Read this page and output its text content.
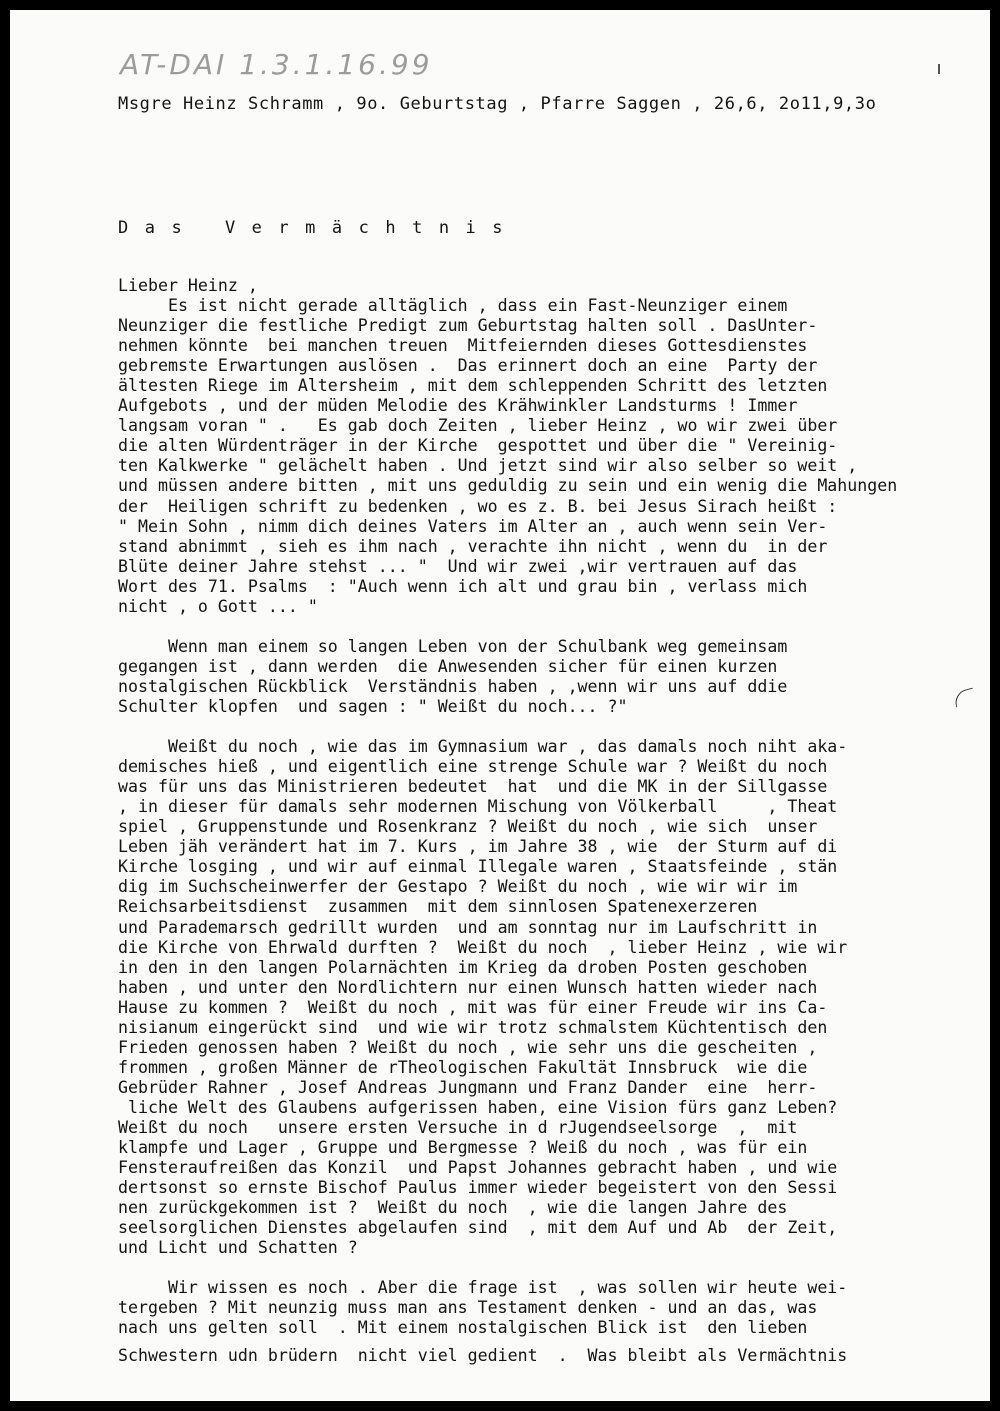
AT-DAI 1.3.1.16.99
Msgre Heinz Schramm , 9o. Geburtstag , Pfarre Saggen , 26,6, 2o11,9,3o
Das Vermächtnis
Lieber Heinz ,
Es ist nicht gerade alltäglich , dass ein Fast-Neunziger einem
Neunziger die festliche Predigt zum Geburtstag halten soll . DasUnter-
nehmen könnte  bei manchen treuen  Mitfeiernden dieses Gottesdienstes
gebremste Erwartungen auslösen .  Das erinnert doch an eine  Party der
ältesten Riege im Altersheim , mit dem schleppenden Schritt des letzten
Aufgebots , und der müden Melodie des Krähwinkler Landsturms ! Immer
langsam voran " .   Es gab doch Zeiten , lieber Heinz , wo wir zwei über
die alten Würdenträger in der Kirche  gespottet und über die " Vereinig-
ten Kalkwerke " gelächelt haben . Und jetzt sind wir also selber so weit ,
und müssen andere bitten , mit uns geduldig zu sein und ein wenig die Mahungen
der  Heiligen schrift zu bedenken , wo es z. B. bei Jesus Sirach heißt :
" Mein Sohn , nimm dich deines Vaters im Alter an , auch wenn sein Ver-
stand abnimmt , sieh es ihm nach , verachte ihn nicht , wenn du  in der
Blüte deiner Jahre stehst ... "  Und wir zwei ,wir vertrauen auf das
Wort des 71. Psalms  : "Auch wenn ich alt und grau bin , verlass mich
nicht , o Gott ... "
Wenn man einem so langen Leben von der Schulbank weg gemeinsam
gegangen ist , dann werden  die Anwesenden sicher für einen kurzen
nostalgischen Rückblick  Verständnis haben , ,wenn wir uns auf ddie
Schulter klopfen  und sagen : " Weißt du noch... ?"
Weißt du noch , wie das im Gymnasium war , das damals noch niht aka-
demisches hieß , und eigentlich eine strenge Schule war ? Weißt du noch
was für uns das Ministrieren bedeutet  hat  und die MK in der Sillgasse
, in dieser für damals sehr modernen Mischung von Völkerball     , Theat
spiel , Gruppenstunde und Rosenkranz ? Weißt du noch , wie sich  unser
Leben jäh verändert hat im 7. Kurs , im Jahre 38 , wie  der Sturm auf di
Kirche losging , und wir auf einmal Illegale waren , Staatsfeinde , stän
dig im Suchscheinwerfer der Gestapo ? Weißt du noch , wie wir wir im
Reichsarbeitsdienst  zusammen  mit dem sinnlosen Spatenexerzeren
und Parademarsch gedrillt wurden  und am sonntag nur im Laufschritt in
die Kirche von Ehrwald durften ?  Weißt du noch  , lieber Heinz , wie wir
in den in den langen Polarnächten im Krieg da droben Posten geschoben
haben , und unter den Nordlichtern nur einen Wunsch hatten wieder nach
Hause zu kommen ?  Weißt du noch , mit was für einer Freude wir ins Ca-
nisianum eingerückt sind  und wie wir trotz schmalstem Küchtentisch den
Frieden genossen haben ? Weißt du noch , wie sehr uns die gescheiten ,
frommen , großen Männer de rTheologischen Fakultät Innsbruck  wie die
Gebrüder Rahner , Josef Andreas Jungmann und Franz Dander  eine  herr-
liche Welt des Glaubens aufgerissen haben, eine Vision fürs ganz Leben?
Weißt du noch   unsere ersten Versuche in d rJugendseelsorge  ,  mit
klampfe und Lager , Gruppe und Bergmesse ? Weiß du noch , was für ein
Fensteraufreißen das Konzil  und Papst Johannes gebracht haben , und wie
dertsonst so ernste Bischof Paulus immer wieder begeistert von den Sessi
nen zurückgekommen ist ?  Weißt du noch  , wie die langen Jahre des
seelsorglichen Dienstes abgelaufen sind  , mit dem Auf und Ab  der Zeit,
und Licht und Schatten ?
Wir wissen es noch . Aber die frage ist  , was sollen wir heute wei-
tergeben ? Mit neunzig muss man ans Testament denken - und an das, was
nach uns gelten soll  . Mit einem nostalgischen Blick ist  den lieben
Schwestern udn brüdern  nicht viel gedient  .  Was bleibt als Vermächtnis
